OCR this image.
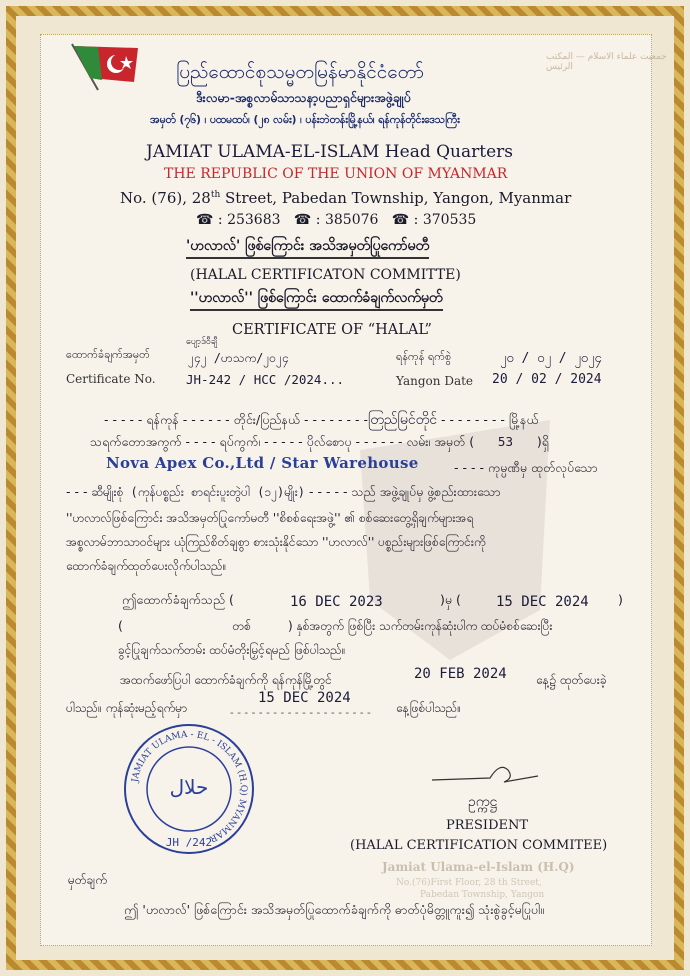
جمعیت علماء الاسلام — المکتب الرئیس
ပြည်ထောင်စုသမ္မတမြန်မာနိုင်ငံတော်
ဒီးလမာ-အစ္စလာမ်သာသနာ့ပညာရှင်များအဖွဲ့ချုပ်
အမှတ် (၇၆) ၊ ပထမထပ်၊ (၂၈ လမ်း) ၊ ပန်းဘဲတန်းမြို့နယ်၊ ရန်ကုန်တိုင်းဒေသကြီး
JAMIAT ULAMA-EL-ISLAM Head Quarters
THE REPUBLIC OF THE UNION OF MYANMAR
No. (76), 28th Street, Pabedan Township, Yangon, Myanmar
☎ : 253683 ☎ : 385076 ☎ : 370535
'ဟလာလ်' ဖြစ်ကြောင်း အသိအမှတ်ပြုကော်မတီ
(HALAL CERTIFICATON COMMITTE)
''ဟလာလ်'' ဖြစ်ကြောင်း ထောက်ခံချက်လက်မှတ်
CERTIFICATE OF “HALAL”
ထောက်ခံချက်အမှတ်
ပျော့ဒ်ဝီချီ
၂၄၂ /ဟသက/၂၀၂၄	ရန်ကုန် ရက်စွဲ	၂၀ / ၀၂ / ၂၀၂၄
Certificate No. JH-242 / HCC /2024...	Yangon Date 20 / 02 / 2024
- - - - - ရန်ကုန် - - - - - - တိုင်း/ပြည်နယ် - - - - - - - -တြည်မြင်တိုင် - - - - - - - - မြို့နယ်
သရက်တောအကွက် - - - - ရပ်ကွက်၊ - - - - - ပိုလ်စောပု - - - - - - လမ်း၊ အမှတ် (      53 )ရှိ
Nova Apex Co.,Ltd / Star Warehouse	- - - - ကုမ္ပဏီမှ ထုတ်လုပ်သော
- - - ဆီမျိုးစုံ (ကုန်ပစ္စည်း စာရင်းပူးတွဲပါ (၁၂)မျိုး) - - - - - သည် အဖွဲ့ချုပ်မှ ဖွဲ့စည်းထားသော
''ဟလာလ်ဖြစ်ကြောင်း အသိအမှတ်ပြုကော်မတီ ''စိစစ်ရေးအဖွဲ့'' ၏ စစ်ဆေးတွေ့ရှိချက်များအရ
အစ္စလာမ်ဘာသာဝင်များ ယုံကြည်စိတ်ချစွာ စားသုံးနိုင်သော ''ဟလာလ်'' ပစ္စည်းများဖြစ်ကြောင်းကို
ထောက်ခံချက်ထုတ်ပေးလိုက်ပါသည်။
ဤထောက်ခံချက်သည် (	16 DEC 2023	)မှ (	15 DEC 2024 )
(	တစ်	) နှစ်အတွက် ဖြစ်ပြီး သက်တမ်းကုန်ဆုံးပါက ထပ်မံစစ်ဆေးပြီး
ခွင့်ပြုချက်သက်တမ်း ထပ်မံတိုးမြှင့်ရမည် ဖြစ်ပါသည်။
အထက်ဖော်ပြပါ ထောက်ခံချက်ကို ရန်ကုန်မြို့တွင်	20 FEB 2024 နေ့၌ ထုတ်ပေးခဲ့
ပါသည်။ ကုန်ဆုံးမည့်ရက်မှာ
15 DEC 2024
နေ့ဖြစ်ပါသည်။
- - - - - - - - - - - - - - - - - - - -
JAMIAT ULAMA - EL - ISLAM (H.Q) MYANMAR
حلال
JH /242
ဥက္ကဋ္ဌ
PRESIDENT
(HALAL CERTIFICATION COMMITEE)
Jamiat Ulama-el-Islam (H.Q)
No.(76)First Floor, 28 th Street,
Pabedan Township, Yangon
မှတ်ချက်
ဤ 'ဟလာလ်' ဖြစ်ကြောင်း အသိအမှတ်ပြုထောက်ခံချက်ကို ဓာတ်ပုံမိတ္တူကူး၍ သုံးစွဲခွင့်မပြုပါ။
